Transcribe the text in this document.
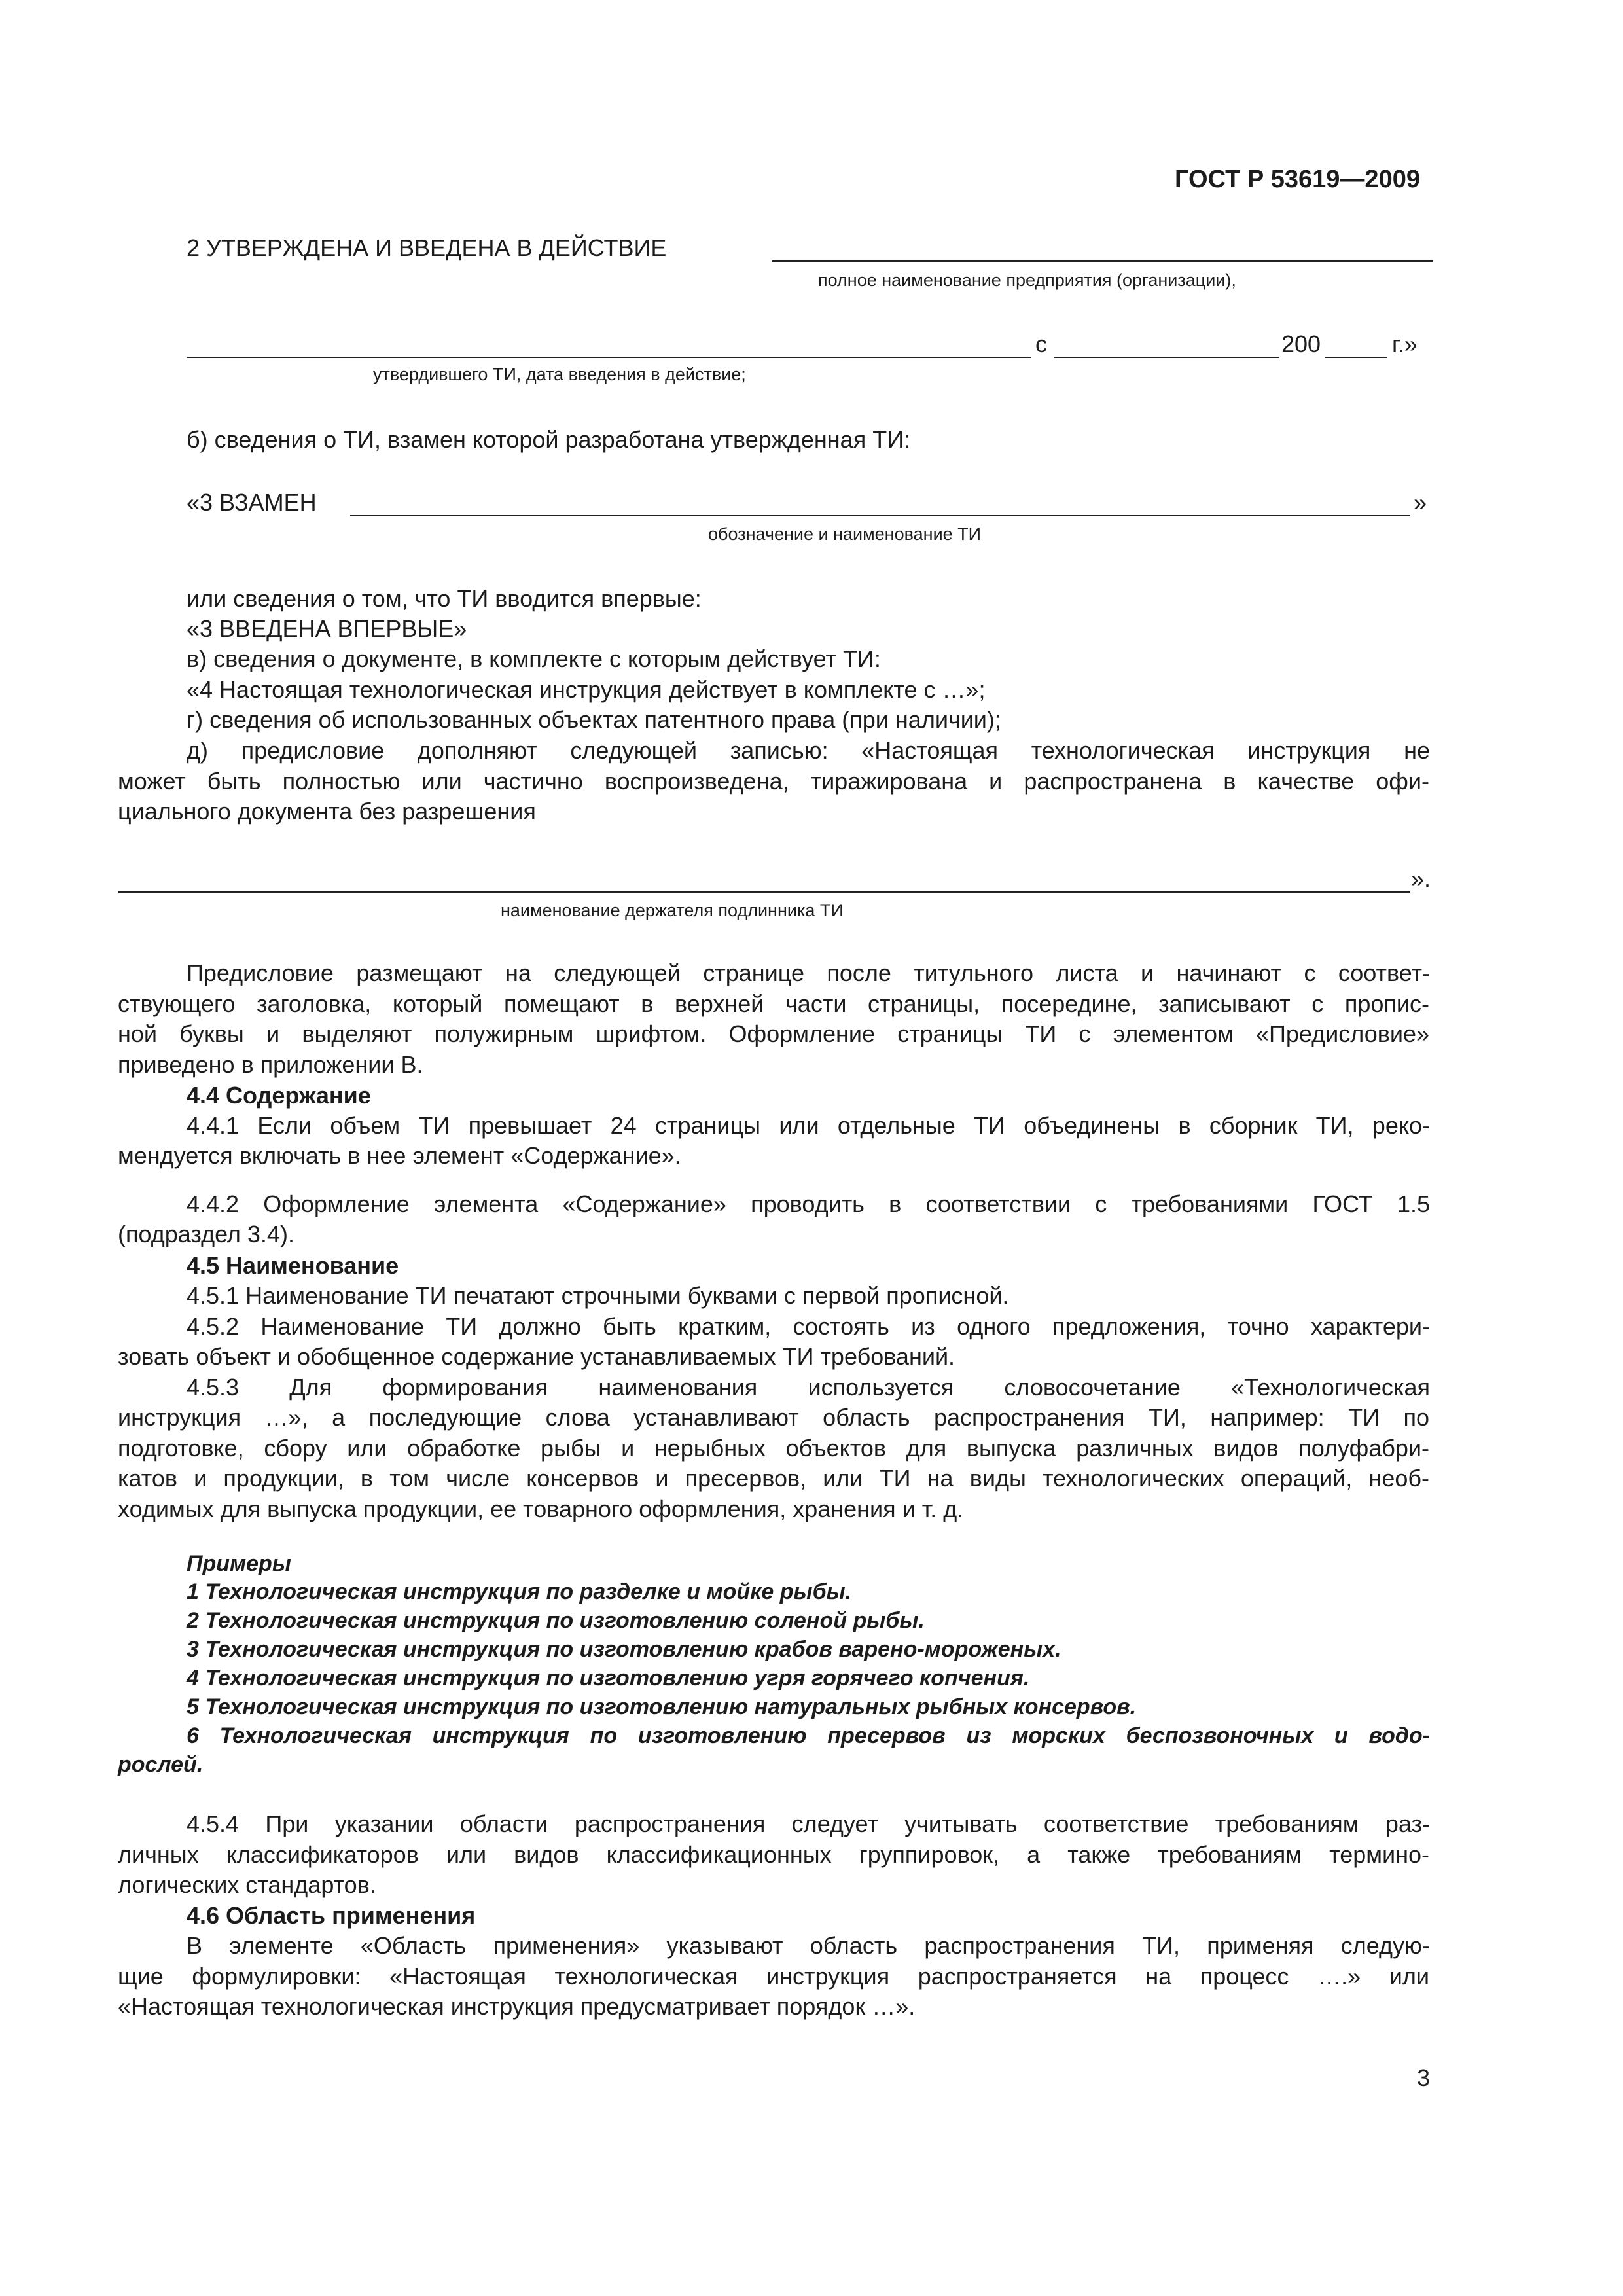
ГОСТ Р 53619—2009
2 УТВЕРЖДЕНА И ВВЕДЕНА В ДЕЙСТВИЕ
полное наименование предприятия (организации),
с	200	г.»
утвердившего ТИ, дата введения в действие;
б) сведения о ТИ, взамен которой разработана утвержденная ТИ:
«3 ВЗАМЕН	»
обозначение и наименование ТИ
или сведения о том, что ТИ вводится впервые:
«3 ВВЕДЕНА ВПЕРВЫЕ»
в) сведения о документе, в комплекте с которым действует ТИ:
«4 Настоящая технологическая инструкция действует в комплекте с …»;
г) сведения об использованных объектах патентного права (при наличии);
д) предисловие дополняют следующей записью: «Настоящая технологическая инструкция не
может быть полностью или частично воспроизведена, тиражирована и распространена в качестве офи-
циального документа без разрешения
».
наименование держателя подлинника ТИ
Предисловие размещают на следующей странице после титульного листа и начинают с соответ-
ствующего заголовка, который помещают в верхней части страницы, посередине, записывают с пропис-
ной буквы и выделяют полужирным шрифтом. Оформление страницы ТИ с элементом «Предисловие»
приведено в приложении В.
4.4 Содержание
4.4.1 Если объем ТИ превышает 24 страницы или отдельные ТИ объединены в сборник ТИ, реко-
мендуется включать в нее элемент «Содержание».
4.4.2 Оформление элемента «Содержание» проводить в соответствии с требованиями ГОСТ 1.5
(подраздел 3.4).
4.5 Наименование
4.5.1 Наименование ТИ печатают строчными буквами с первой прописной.
4.5.2 Наименование ТИ должно быть кратким, состоять из одного предложения, точно характери-
зовать объект и обобщенное содержание устанавливаемых ТИ требований.
4.5.3 Для формирования наименования используется словосочетание «Технологическая
инструкция …», а последующие слова устанавливают область распространения ТИ, например: ТИ по
подготовке, сбору или обработке рыбы и нерыбных объектов для выпуска различных видов полуфабри-
катов и продукции, в том числе консервов и пресервов, или ТИ на виды технологических операций, необ-
ходимых для выпуска продукции, ее товарного оформления, хранения и т. д.
Примеры
1 Технологическая инструкция по разделке и мойке рыбы.
2 Технологическая инструкция по изготовлению соленой рыбы.
3 Технологическая инструкция по изготовлению крабов варено-мороженых.
4 Технологическая инструкция по изготовлению угря горячего копчения.
5 Технологическая инструкция по изготовлению натуральных рыбных консервов.
6 Технологическая инструкция по изготовлению пресервов из морских беспозвоночных и водо-
рослей.
4.5.4 При указании области распространения следует учитывать соответствие требованиям раз-
личных классификаторов или видов классификационных группировок, а также требованиям термино-
логических стандартов.
4.6 Область применения
В элементе «Область применения» указывают область распространения ТИ, применяя следую-
щие формулировки: «Настоящая технологическая инструкция распространяется на процесс ….» или
«Настоящая технологическая инструкция предусматривает порядок …».
3
